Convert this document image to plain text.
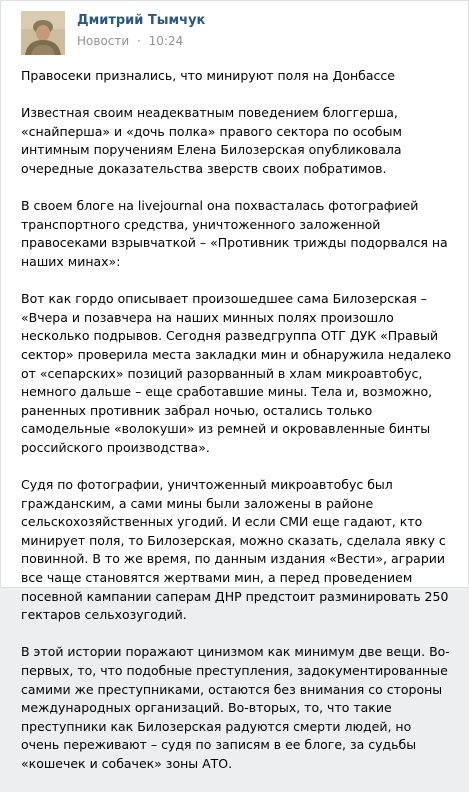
Дмитрий Тымчук
Новости · 10:24

Правосеки признались, что минируют поля на Донбассе

Известная своим неадекватным поведением блоггерша, «снайперша» и «дочь полка» правого сектора по особым интимным поручениям Елена Билозерская опубликовала очередные доказательства зверств своих побратимов.

В своем блоге на livejournal она похвасталась фотографией транспортного средства, уничтоженного заложенной правосеками взрывчаткой – «Противник трижды подорвался на наших минах»:

Вот как гордо описывает произошедшее сама Билозерская – «Вчера и позавчера на наших минных полях произошло несколько подрывов. Сегодня разведгруппа ОТГ ДУК «Правый сектор» проверила места закладки мин и обнаружила недалеко от «сепарских» позиций разорванный в хлам микроавтобус, немного дальше – еще сработавшие мины. Тела и, возможно, раненных противник забрал ночью, остались только самодельные «волокуши» из ремней и окровавленные бинты российского производства».

Судя по фотографии, уничтоженный микроавтобус был гражданским, а сами мины были заложены в районе сельскохозяйственных угодий. И если СМИ еще гадают, кто минирует поля, то Билозерская, можно сказать, сделала явку с повинной. В то же время, по данным издания «Вести», аграрии все чаще становятся жертвами мин, а перед проведением посевной кампании саперам ДНР предстоит разминировать 250 гектаров сельхозугодий.

В этой истории поражают цинизмом как минимум две вещи. Во-первых, то, что подобные преступления, задокументированные самими же преступниками, остаются без внимания со стороны международных организаций. Во-вторых, то, что такие преступники как Билозерская радуются смерти людей, но очень переживают – судя по записям в ее блоге, за судьбы «кошечек и собачек» зоны АТО.
